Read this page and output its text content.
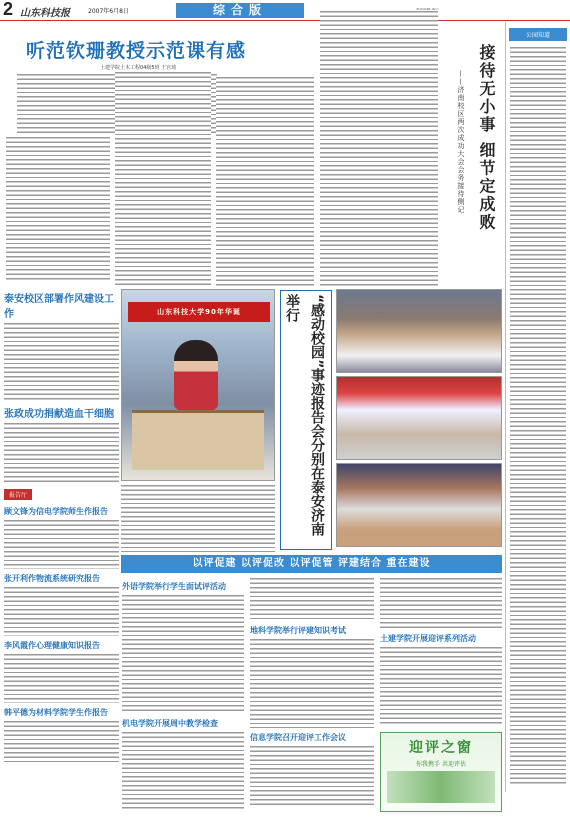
2 山东科技报	2007年6月8日	综合版
公园知道
听范钦珊教授示范课有感
土建学院土木工程04级5班 王宫琦	接待无小事 细节定成败
——济南校区两次成功大会会务接待侧记
泰安校区部署作风建设工作
张政成功捐献造血干细胞
报告厅
顾文锋为信电学院师生作报告
张开利作物流系统研究报告
李风霞作心理健康知识报告
韩平德为材料学院学生作报告
山东科技大学90年华诞	“感动校园”事迹报告会分别在泰安济南举行
以评促建 以评促改 以评促管 评建结合 重在建设
外语学院举行学生面试评活动
机电学院开展周中教学检查
地科学院举行评建知识考试
信息学院召开迎评工作会议
土建学院开展迎评系列活动
迎评之窗
你我携手 共迎评估
